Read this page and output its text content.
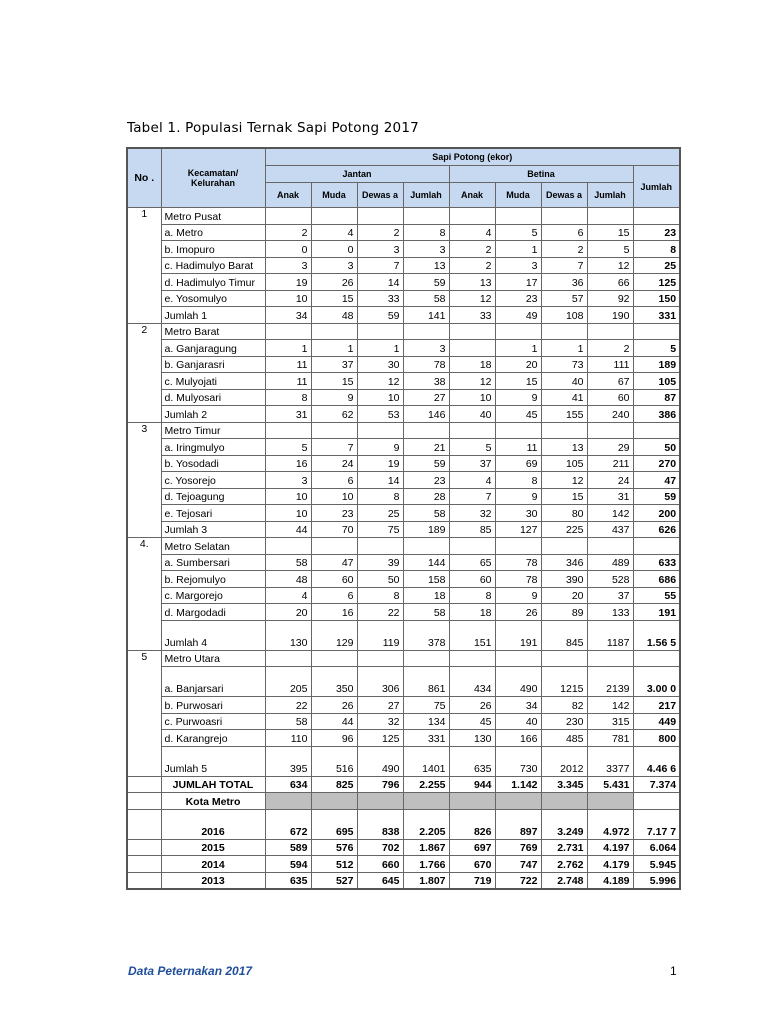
Tabel 1. Populasi Ternak Sapi Potong 2017
No .	Kecamatan/ Kelurahan	Sapi Potong (ekor)								
		Jantan				Betina				Jumlah
		Anak	Muda	Dewas a	Jumlah	Anak	Muda	Dewas a	Jumlah	
1	Metro Pusat									
	a. Metro	2	4	2	8	4	5	6	15	23
	b. Imopuro	0	0	3	3	2	1	2	5	8
	c. Hadimulyo Barat	3	3	7	13	2	3	7	12	25
	d. Hadimulyo Timur	19	26	14	59	13	17	36	66	125
	e. Yosomulyo	10	15	33	58	12	23	57	92	150
	Jumlah 1	34	48	59	141	33	49	108	190	331
2	Metro Barat									
	a. Ganjaragung	1	1	1	3		1	1	2	5
	b. Ganjarasri	11	37	30	78	18	20	73	111	189
	c. Mulyojati	11	15	12	38	12	15	40	67	105
	d. Mulyosari	8	9	10	27	10	9	41	60	87
	Jumlah 2	31	62	53	146	40	45	155	240	386
3	Metro Timur									
	a. Iringmulyo	5	7	9	21	5	11	13	29	50
	b. Yosodadi	16	24	19	59	37	69	105	211	270
	c. Yosorejo	3	6	14	23	4	8	12	24	47
	d. Tejoagung	10	10	8	28	7	9	15	31	59
	e. Tejosari	10	23	25	58	32	30	80	142	200
	Jumlah 3	44	70	75	189	85	127	225	437	626
4.	Metro Selatan									
	a. Sumbersari	58	47	39	144	65	78	346	489	633
	b. Rejomulyo	48	60	50	158	60	78	390	528	686
	c. Margorejo	4	6	8	18	8	9	20	37	55
	d. Margodadi	20	16	22	58	18	26	89	133	191
	Jumlah 4	130	129	119	378	151	191	845	1187	1.56 5
5	Metro Utara									
	a. Banjarsari	205	350	306	861	434	490	1215	2139	3.00 0
	b. Purwosari	22	26	27	75	26	34	82	142	217
	c. Purwoasri	58	44	32	134	45	40	230	315	449
	d. Karangrejo	110	96	125	331	130	166	485	781	800
	Jumlah 5	395	516	490	1401	635	730	2012	3377	4.46 6
	JUMLAH TOTAL	634	825	796	2.255	944	1.142	3.345	5.431	7.374
	Kota Metro									
	2016	672	695	838	2.205	826	897	3.249	4.972	7.17 7
	2015	589	576	702	1.867	697	769	2.731	4.197	6.064
	2014	594	512	660	1.766	670	747	2.762	4.179	5.945
	2013	635	527	645	1.807	719	722	2.748	4.189	5.996
Data Peternakan 2017	1
